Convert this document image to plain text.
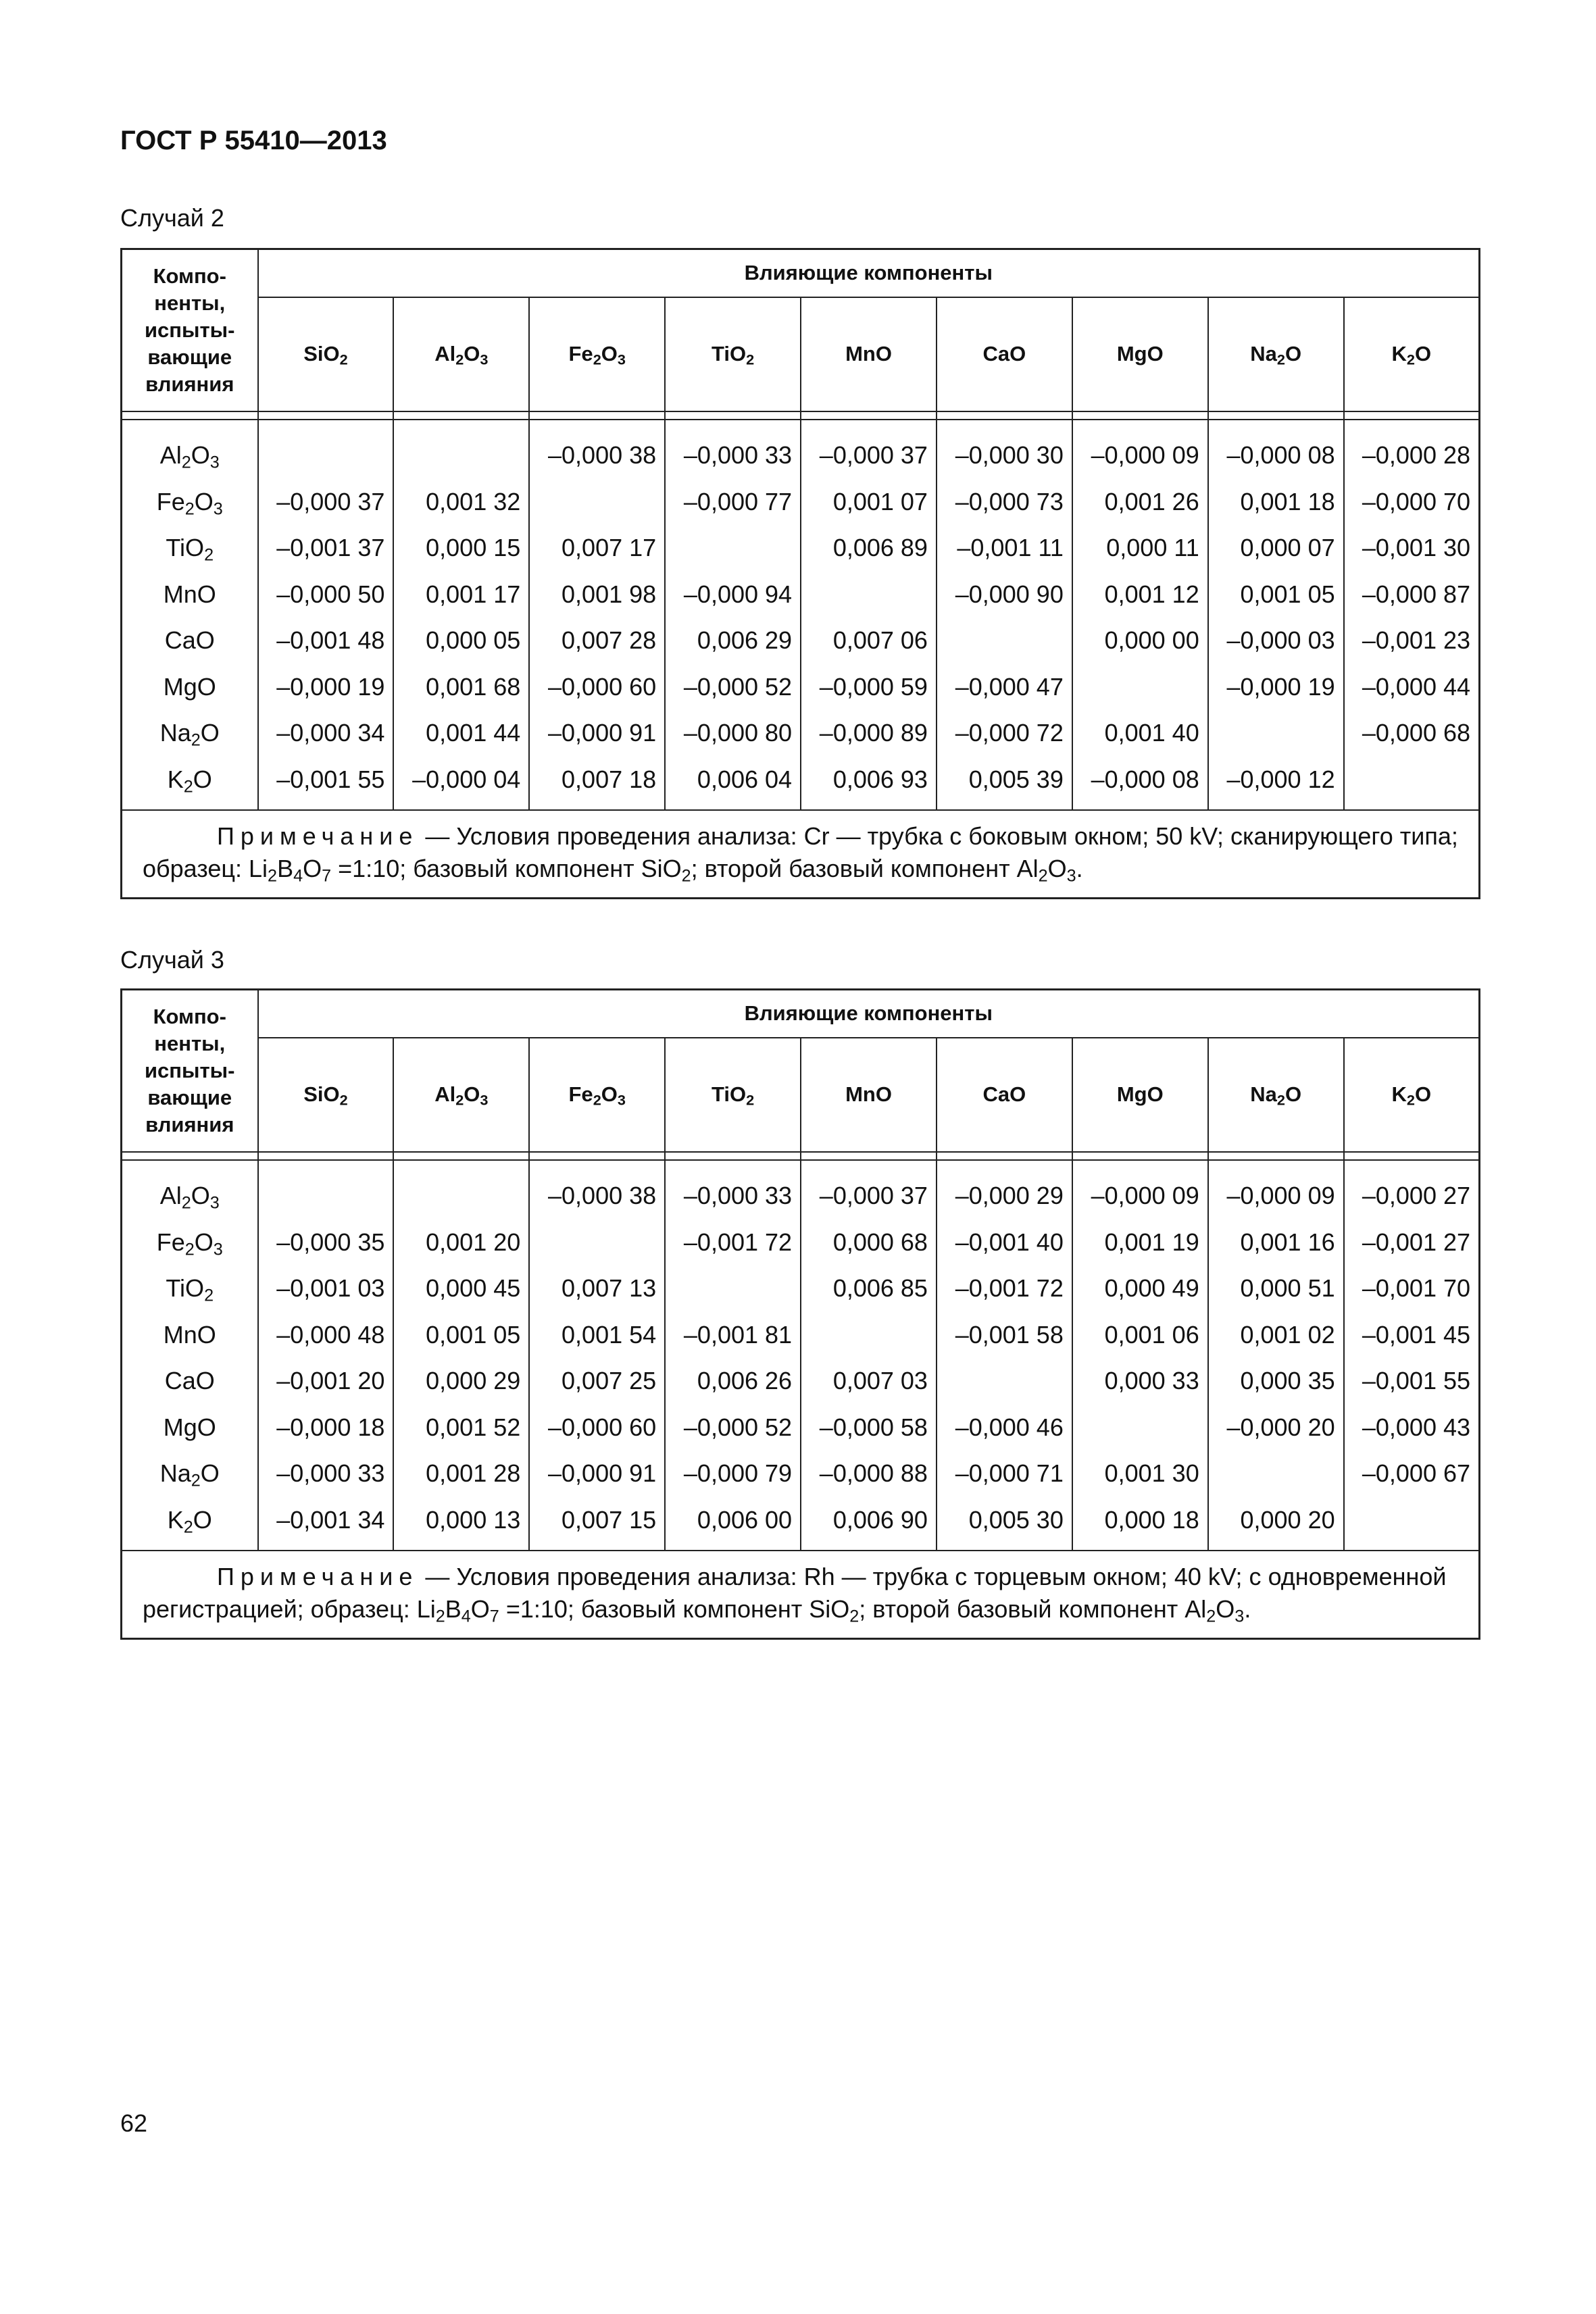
ГОСТ Р 55410—2013
Случай 2
Компо-
ненты,
испыты-
вающие
влияния	Влияющие компоненты								
	SiO$_2$	$Al_2O_3$	$Fe_2O_3$	TiO$_2$	MnO	CaO	MgO	$Na_2O$	$K_2O$

$Al_2O_3$			–0,000 38	–0,000 33	–0,000 37	–0,000 30	–0,000 09	–0,000 08	–0,000 28
$Fe_2O_3$	–0,000 37	0,001 32		–0,000 77	0,001 07	–0,000 73	0,001 26	0,001 18	–0,000 70
TiO$_2$	–0,001 37	0,000 15	0,007 17		0,006 89	–0,001 11	0,000 11	0,000 07	–0,001 30
MnO	–0,000 50	0,001 17	0,001 98	–0,000 94		–0,000 90	0,001 12	0,001 05	–0,000 87
CaO	–0,001 48	0,000 05	0,007 28	0,006 29	0,007 06		0,000 00	–0,000 03	–0,001 23
MgO	–0,000 19	0,001 68	–0,000 60	–0,000 52	–0,000 59	–0,000 47		–0,000 19	–0,000 44
$Na_2O$	–0,000 34	0,001 44	–0,000 91	–0,000 80	–0,000 89	–0,000 72	0,001 40		–0,000 68
$K_2O$	–0,001 55	–0,000 04	0,007 18	0,006 04	0,006 93	0,005 39	–0,000 08	–0,000 12	
Примечание — Условия проведения анализа: Cr — трубка с боковым окном; 50 kV; сканирующего типа; образец: $Li_2B_4O_7$ =1:10; базовый компонент SiO$_2$; второй базовый компонент $Al_2O_3$.									
Случай 3
Компо-
ненты,
испыты-
вающие
влияния	Влияющие компоненты								
	SiO$_2$	$Al_2O_3$	$Fe_2O_3$	TiO$_2$	MnO	CaO	MgO	$Na_2O$	$K_2O$

$Al_2O_3$			–0,000 38	–0,000 33	–0,000 37	–0,000 29	–0,000 09	–0,000 09	–0,000 27
$Fe_2O_3$	–0,000 35	0,001 20		–0,001 72	0,000 68	–0,001 40	0,001 19	0,001 16	–0,001 27
TiO$_2$	–0,001 03	0,000 45	0,007 13		0,006 85	–0,001 72	0,000 49	0,000 51	–0,001 70
MnO	–0,000 48	0,001 05	0,001 54	–0,001 81		–0,001 58	0,001 06	0,001 02	–0,001 45
CaO	–0,001 20	0,000 29	0,007 25	0,006 26	0,007 03		0,000 33	0,000 35	–0,001 55
MgO	–0,000 18	0,001 52	–0,000 60	–0,000 52	–0,000 58	–0,000 46		–0,000 20	–0,000 43
$Na_2O$	–0,000 33	0,001 28	–0,000 91	–0,000 79	–0,000 88	–0,000 71	0,001 30		–0,000 67
$K_2O$	–0,001 34	0,000 13	0,007 15	0,006 00	0,006 90	0,005 30	0,000 18	0,000 20	
Примечание — Условия проведения анализа: Rh — трубка с торцевым окном; 40 kV; с одновременной регистрацией; образец: $Li_2B_4O_7$ =1:10; базовый компонент SiO$_2$; второй базовый компонент $Al_2O_3$.									
62
